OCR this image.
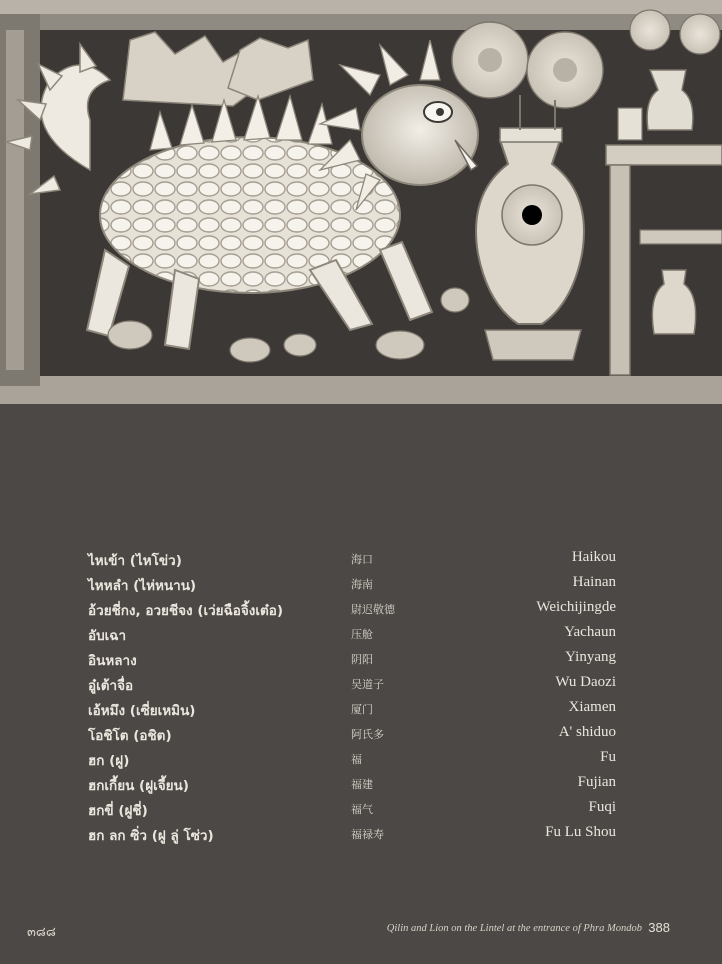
ไหเข้า (ไหโข่ว)	海口	Haikou
ไหหลำ (ไห่หนาน)	海南	Hainan
อ้วยชี่กง, อวยชีจง (เว่ยฉือจิ้งเต๋อ)	尉迟敬德	Weichijingde
อับเฉา	压舱	Yachaun
อินหลาง	阴阳	Yinyang
อู๋เต้าจื่อ	吴道子	Wu Daozi
เอ้หมึง (เซี่ยเหมิน)	厦门	Xiamen
โอชิโต (อชิต)	阿氏多	A' shiduo
ฮก (ฝู)	福	Fu
ฮกเกี้ยน (ฝูเจี้ยน)	福建	Fujian
ฮกขี่ (ฝูชี่)	福气	Fuqi
ฮก ลก ซิ่ว (ฝู ลู่ โซ่ว)	福禄寿	Fu Lu Shou
๓๘๘	Qilin and Lion on the Lintel at the entrance of Phra Mondob 388
